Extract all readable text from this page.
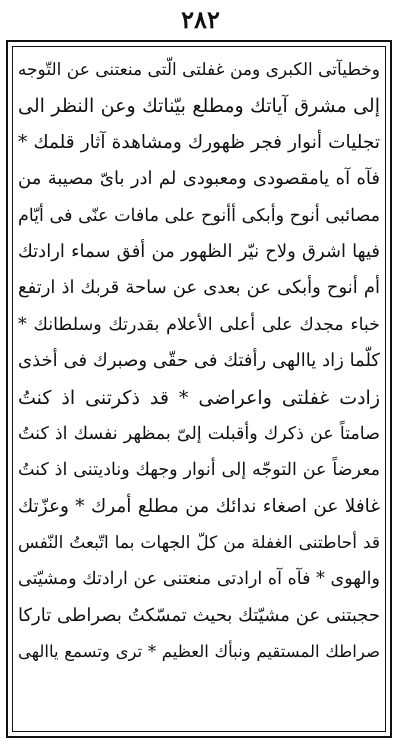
۲۸۲
وخطیآتی الکبری ومن غفلتی الّتی منعتنی عن التّوجه
إلی مشرق آیاتك ومطلع بیّناتك وعن النظر الی
تجلیات أنوار فجر ظهورك ومشاهدة آثار قلمك *
فآه آه یامقصودی ومعبودی لم ادر بایّ مصیبة من
مصائبی أنوح وأبکی أأنوح علی مافات عنّی فی أیّام
فیها اشرق ولاح نیّر الظهور من أفق سماء ارادتك
أم أنوح وأبکی عن بعدی عن ساحة قربك اذ ارتفع
خباء مجدك علی أعلی الأعلام بقدرتك وسلطانك *
کلّما زاد یاالهی رأفتك فی حقّی وصبرك فی أخذی
زادت غفلتی واعراضی * قد ذکرتنی اذ کنتُ
صامتاً عن ذکرك وأقبلت إلیّ بمظهر نفسك اذ کنتُ
معرضاً عن التوجّه إلی أنوار وجهك ونادیتنی اذ کنتُ
غافلا عن اصغاء ندائك من مطلع أمرك * وعزّتك
قد أحاطتنی الغفلة من کلّ الجهات بما اتّبعتُ النّفس
والهوی * فآه آه ارادتی منعتنی عن ارادتك ومشیّتی
حجبتنی عن مشیّتك بحیث تمسّکتُ بصراطی تارکا
صراطك المستقیم ونبأك العظیم * تری وتسمع یاالهی
